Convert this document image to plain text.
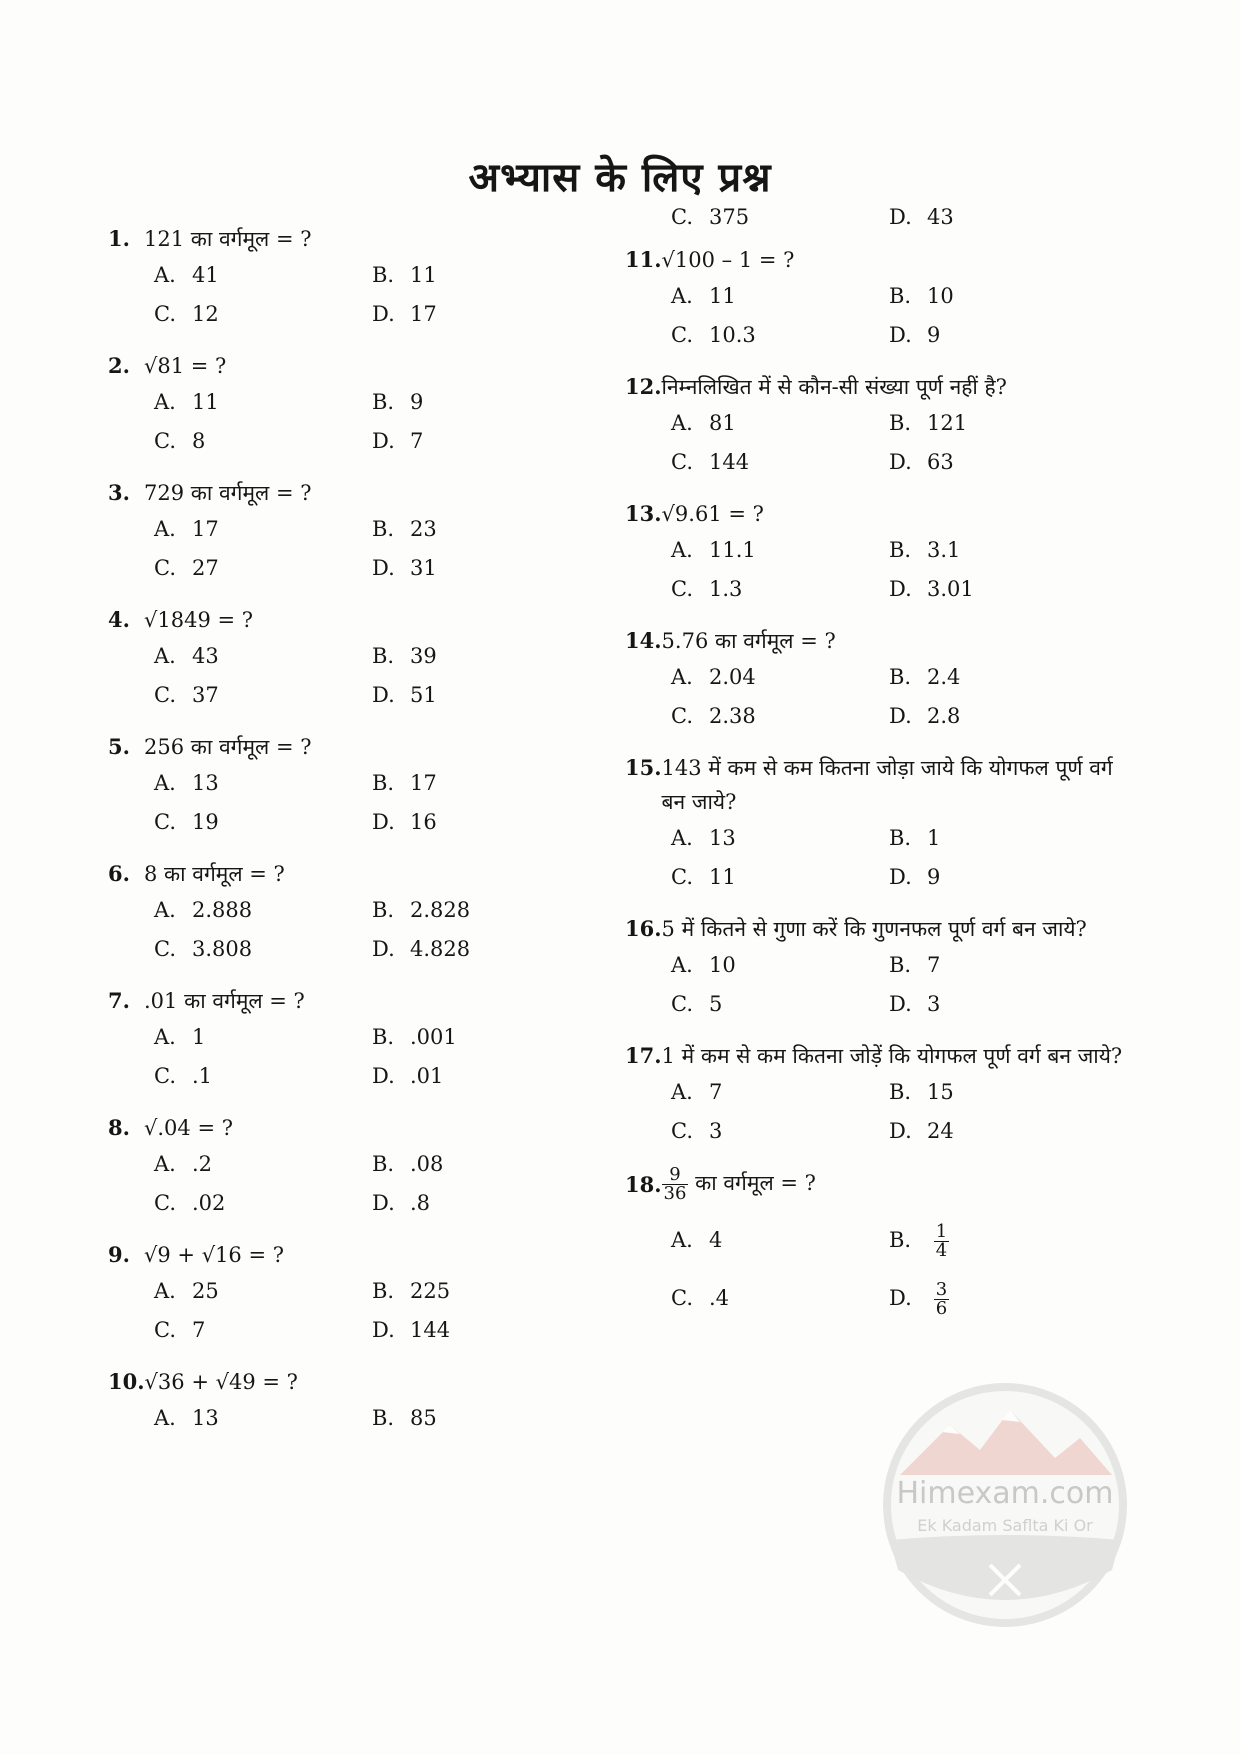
अभ्यास के लिए प्रश्न
1. 121 का वर्गमूल = ?
A. 41	B. 11
C. 12	D. 17
2. √81 = ?
A. 11	B. 9
C. 8	D. 7
3. 729 का वर्गमूल = ?
A. 17	B. 23
C. 27	D. 31
4. √1849 = ?
A. 43	B. 39
C. 37	D. 51
5. 256 का वर्गमूल = ?
A. 13	B. 17
C. 19	D. 16
6. 8 का वर्गमूल = ?
A. 2.888	B. 2.828
C. 3.808	D. 4.828
7. .01 का वर्गमूल = ?
A. 1	B. .001
C. .1	D. .01
8. √.04 = ?
A. .2	B. .08
C. .02	D. .8
9. √9 + √16 = ?
A. 25	B. 225
C. 7	D. 144
10. √36 + √49 = ?
A. 13	B. 85
C. 375	D. 43
11. √100 – 1 = ?
A. 11	B. 10
C. 10.3	D. 9
12. निम्नलिखित में से कौन-सी संख्या पूर्ण नहीं है?
A. 81	B. 121
C. 144	D. 63
13. √9.61 = ?
A. 11.1	B. 3.1
C. 1.3	D. 3.01
14. 5.76 का वर्गमूल = ?
A. 2.04	B. 2.4
C. 2.38	D. 2.8
15. 143 में कम से कम कितना जोड़ा जाये कि योगफल पूर्ण वर्ग बन जाये?
A. 13	B. 1
C. 11	D. 9
16. 5 में कितने से गुणा करें कि गुणनफल पूर्ण वर्ग बन जाये?
A. 10	B. 7
C. 5	D. 3
17. 1 में कम से कम कितना जोड़ें कि योगफल पूर्ण वर्ग बन जाये?
A. 7	B. 15
C. 3	D. 24
18. $\frac{9}{36}$ का वर्गमूल = ?
A. 4	B. $\frac{1}{4}$
C. .4	D. $\frac{3}{6}$
Himexam.com
Ek Kadam Saflta Ki Or
